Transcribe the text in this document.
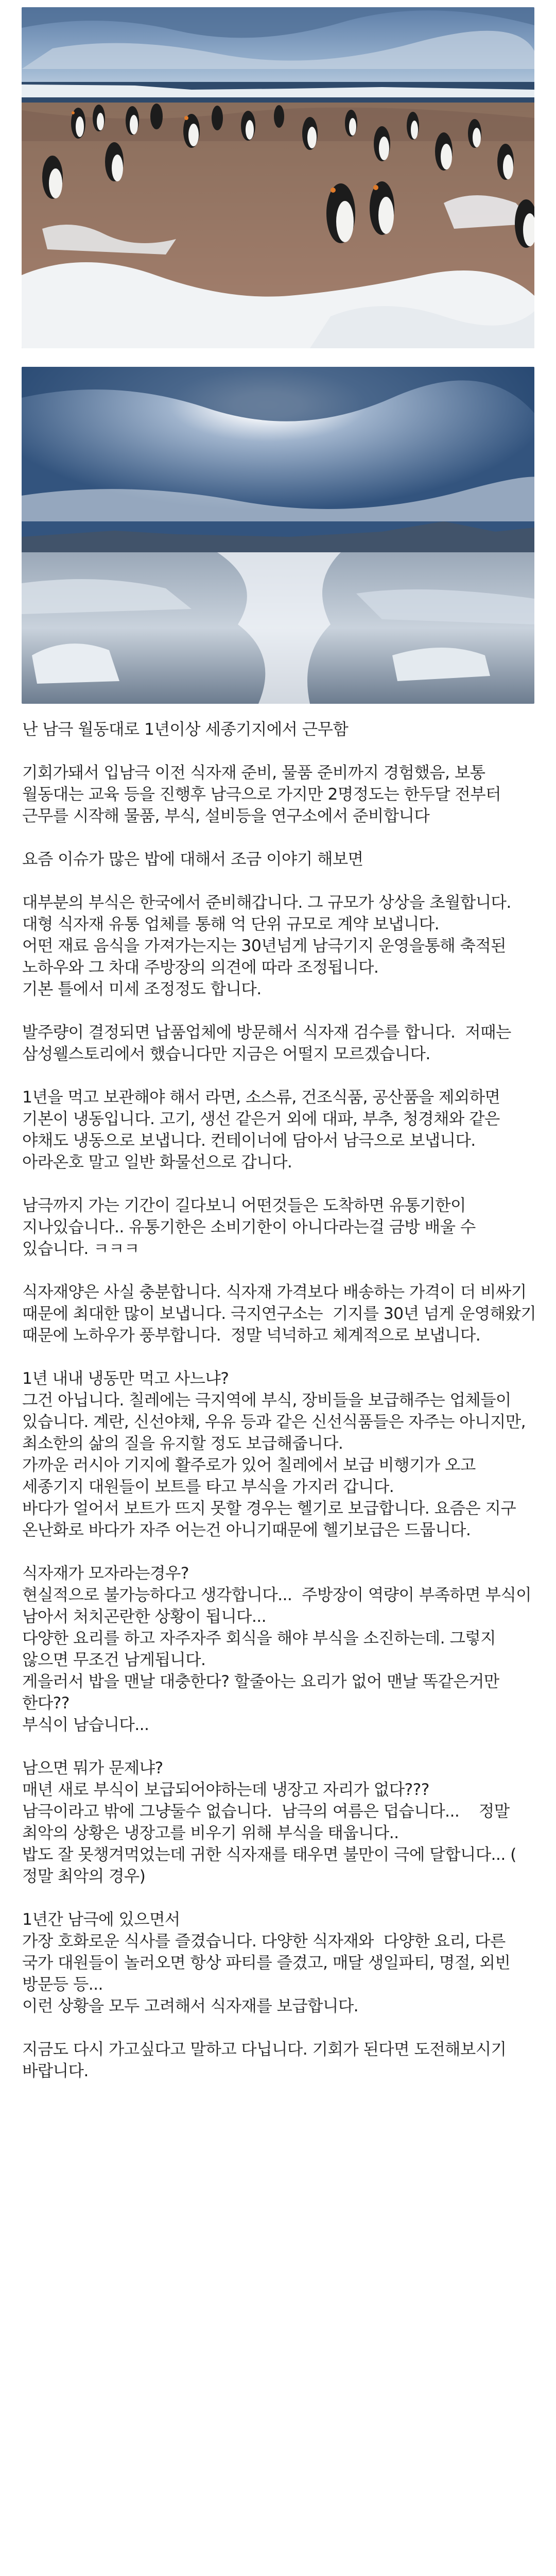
난 남극 월동대로 1년이상 세종기지에서 근무함

기회가돼서 입남극 이전 식자재 준비, 물품 준비까지 경험했음, 보통 월동대는 교육 등을 진행후 남극으로 가지만 2명정도는 한두달 전부터 근무를 시작해 물품, 부식, 설비등을 연구소에서 준비합니다

요즘 이슈가 많은 밥에 대해서 조금 이야기 해보면

대부분의 부식은 한국에서 준비해갑니다. 그 규모가 상상을 초월합니다.  대형 식자재 유통 업체를 통해 억 단위 규모로 계약 보냅니다.
어떤 재료 음식을 가져가는지는 30년넘게 남극기지 운영을통해 축적된 노하우와 그 차대 주방장의 의견에 따라 조정됩니다.
기본 틀에서 미세 조정정도 합니다.

발주량이 결정되면 납품업체에 방문해서 식자재 검수를 합니다.  저때는 삼성웰스토리에서 했습니다만 지금은 어떨지 모르겠습니다.

1년을 먹고 보관해야 해서 라면, 소스류, 건조식품, 공산품을 제외하면 기본이 냉동입니다. 고기, 생선 같은거 외에 대파, 부추, 청경채와 같은 야채도 냉동으로 보냅니다. 컨테이너에 담아서 남극으로 보냅니다. 아라온호 말고 일반 화물선으로 갑니다.

남극까지 가는 기간이 길다보니 어떤것들은 도착하면 유통기한이 지나있습니다.. 유통기한은 소비기한이 아니다라는걸 금방 배울 수 있습니다. ㅋㅋㅋ

식자재양은 사실 충분합니다. 식자재 가격보다 배송하는 가격이 더 비싸기 때문에 최대한 많이 보냅니다. 극지연구소는  기지를 30년 넘게 운영해왔기 때문에 노하우가 풍부합니다.  정말 넉넉하고 체계적으로 보냅니다.

1년 내내 냉동만 먹고 사느냐?
그건 아닙니다. 칠레에는 극지역에 부식, 장비들을 보급해주는 업체들이 있습니다. 계란, 신선야채, 우유 등과 같은 신선식품들은 자주는 아니지만, 최소한의 삶의 질을 유지할 정도 보급해줍니다.
가까운 러시아 기지에 활주로가 있어 칠레에서 보급 비행기가 오고 세종기지 대원들이 보트를 타고 부식을 가지러 갑니다.
바다가 얼어서 보트가 뜨지 못할 경우는 헬기로 보급합니다. 요즘은 지구 온난화로 바다가 자주 어는건 아니기때문에 헬기보급은 드뭅니다.

식자재가 모자라는경우?
현실적으로 불가능하다고 생각합니다...  주방장이 역량이 부족하면 부식이 남아서 처치곤란한 상황이 됩니다...
다양한 요리를 하고 자주자주 회식을 해야 부식을 소진하는데. 그렇지 않으면 무조건 남게됩니다.
게을러서 밥을 맨날 대충한다? 할줄아는 요리가 없어 맨날 똑같은거만 한다??
부식이 남습니다...

남으면 뭐가 문제냐?
매년 새로 부식이 보급되어야하는데 냉장고 자리가 없다???
남극이라고 밖에 그냥둘수 없습니다.  남극의 여름은 덥습니다...    정말 최악의 상황은 냉장고를 비우기 위해 부식을 태웁니다..
밥도 잘 못챙겨먹었는데 귀한 식자재를 태우면 불만이 극에 달합니다... ( 정말 최악의 경우)

1년간 남극에 있으면서
가장 호화로운 식사를 즐겼습니다. 다양한 식자재와  다양한 요리, 다른 국가 대원들이 놀러오면 항상 파티를 즐겼고, 매달 생일파티, 명절, 외빈 방문등 등...
이런 상황을 모두 고려해서 식자재를 보급합니다.

지금도 다시 가고싶다고 말하고 다닙니다. 기회가 된다면 도전해보시기 바랍니다.
